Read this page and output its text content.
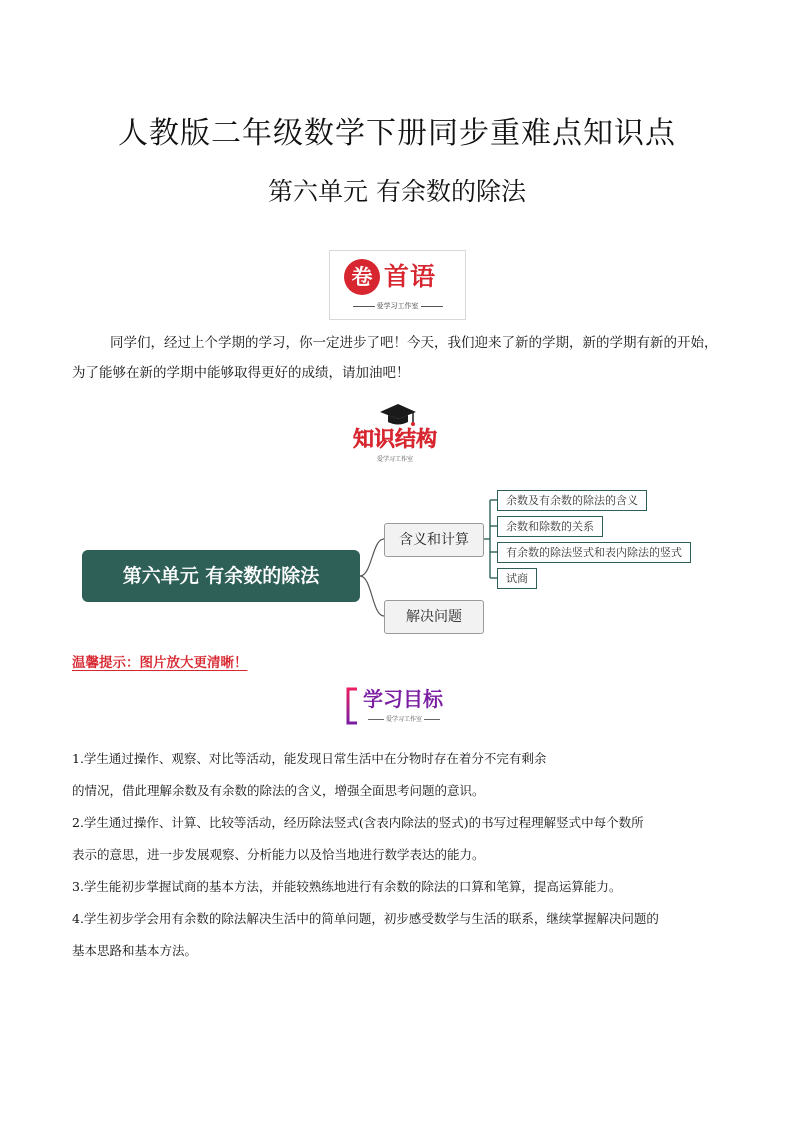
人教版二年级数学下册同步重难点知识点
第六单元 有余数的除法
卷 首语
爱学习工作室
同学们，经过上个学期的学习，你一定进步了吧！今天，我们迎来了新的学期，新的学期有新的开始，为了能够在新的学期中能够取得更好的成绩，请加油吧！
知识结构
爱学习工作室
第六单元 有余数的除法
含义和计算
解决问题
余数及有余数的除法的含义
余数和除数的关系
有余数的除法竖式和表内除法的竖式
试商
温馨提示：图片放大更清晰！
学习目标
爱学习工作室

1.学生通过操作、观察、对比等活动，能发现日常生活中在分物时存在着分不完有剩余

的情况，借此理解余数及有余数的除法的含义，增强全面思考问题的意识。

2.学生通过操作、计算、比较等活动，经历除法竖式(含表内除法的竖式)的书写过程理解竖式中每个数所

表示的意思，进一步发展观察、分析能力以及恰当地进行数学表达的能力。

3.学生能初步掌握试商的基本方法，并能较熟练地进行有余数的除法的口算和笔算，提高运算能力。

4.学生初步学会用有余数的除法解决生活中的简单问题，初步感受数学与生活的联系，继续掌握解决问题的

基本思路和基本方法。
